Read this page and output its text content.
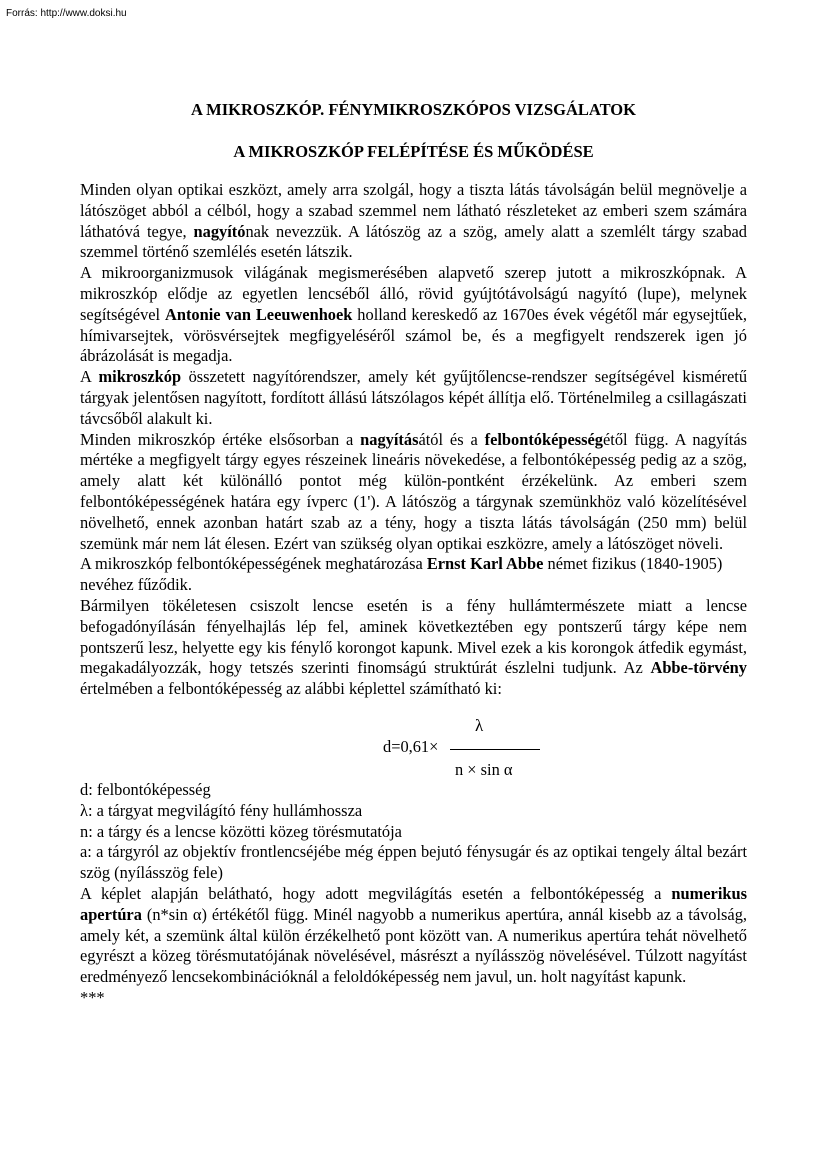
Forrás: http://www.doksi.hu
A MIKROSZKÓP. FÉNYMIKROSZKÓPOS VIZSGÁLATOK
A MIKROSZKÓP FELÉPÍTÉSE ÉS MŰKÖDÉSE

Minden olyan optikai eszközt, amely arra szolgál, hogy a tiszta látás távolságán belül megnövelje a látószöget abból a célból, hogy a szabad szemmel nem látható részleteket az emberi szem számára láthatóvá tegye, nagyítónak nevezzük. A látószög az a szög, amely alatt a szemlélt tárgy szabad szemmel történő szemlélés esetén látszik.

A mikroorganizmusok világának megismerésében alapvető szerep jutott a mikroszkópnak. A mikroszkóp elődje az egyetlen lencséből álló, rövid gyújtótávolságú nagyító (lupe), melynek segítségével Antonie van Leeuwenhoek holland kereskedő az 1670es évek végétől már egysejtűek, hímivarsejtek, vörösvérsejtek megfigyeléséről számol be, és a megfigyelt rendszerek igen jó ábrázolását is megadja.

A mikroszkóp összetett nagyítórendszer, amely két gyűjtőlencse-rendszer segítségével kisméretű tárgyak jelentősen nagyított, fordított állású látszólagos képét állítja elő. Történelmileg a csillagászati távcsőből alakult ki.

Minden mikroszkóp értéke elsősorban a nagyításától és a felbontóképességétől függ. A nagyítás mértéke a megfigyelt tárgy egyes részeinek lineáris növekedése, a felbontóképesség pedig az a szög, amely alatt két különálló pontot még külön-pontként érzékelünk. Az emberi szem felbontóképességének határa egy ívperc (1'). A látószög a tárgynak szemünkhöz való közelítésével növelhető, ennek azonban határt szab az a tény, hogy a tiszta látás távolságán (250 mm) belül szemünk már nem lát élesen. Ezért van szükség olyan optikai eszközre, amely a látószöget növeli.

A mikroszkóp felbontóképességének meghatározása Ernst Karl Abbe német fizikus (1840-1905) nevéhez fűződik.

Bármilyen tökéletesen csiszolt lencse esetén is a fény hullámtermészete miatt a lencse befogadónyílásán fényelhajlás lép fel, aminek következtében egy pontszerű tárgy képe nem pontszerű lesz, helyette egy kis fénylő korongot kapunk. Mivel ezek a kis korongok átfedik egymást, megakadályozzák, hogy tetszés szerinti finomságú struktúrát észlelni tudjunk. Az Abbe-törvény értelmében a felbontóképesség az alábbi képlettel számítható ki:

λ
d=0,61×
n × sin α

d: felbontóképesség

λ: a tárgyat megvilágító fény hullámhossza

n: a tárgy és a lencse közötti közeg törésmutatója

a: a tárgyról az objektív frontlencséjébe még éppen bejutó fénysugár és az optikai tengely által bezárt szög (nyílásszög fele)

A képlet alapján belátható, hogy adott megvilágítás esetén a felbontóképesség a numerikus apertúra (n*sin α) értékétől függ. Minél nagyobb a numerikus apertúra, annál kisebb az a távolság, amely két, a szemünk által külön érzékelhető pont között van. A numerikus apertúra tehát növelhető egyrészt a közeg törésmutatójának növelésével, másrészt a nyílásszög növelésével. Túlzott nagyítást eredményező lencsekombinációknál a feloldóképesség nem javul, un. holt nagyítást kapunk.

***
